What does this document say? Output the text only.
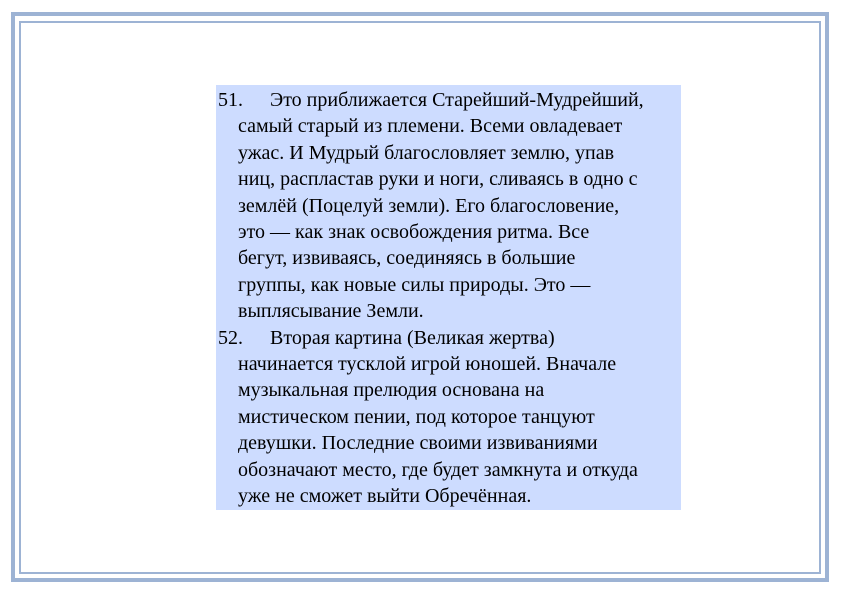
51.	Это приближается Старейший-Мудрейший,
самый старый из племени. Всеми овладевает
ужас. И Мудрый благословляет землю, упав
ниц, распластав руки и ноги, сливаясь в одно с
землёй (Поцелуй земли). Его благословение,
это — как знак освобождения ритма. Все
бегут, извиваясь, соединяясь в большие
группы, как новые силы природы. Это —
выплясывание Земли.
52.	Вторая картина (Великая жертва)
начинается тусклой игрой юношей. Вначале
музыкальная прелюдия основана на
мистическом пении, под которое танцуют
девушки. Последние своими извиваниями
обозначают место, где будет замкнута и откуда
уже не сможет выйти Обречённая.
